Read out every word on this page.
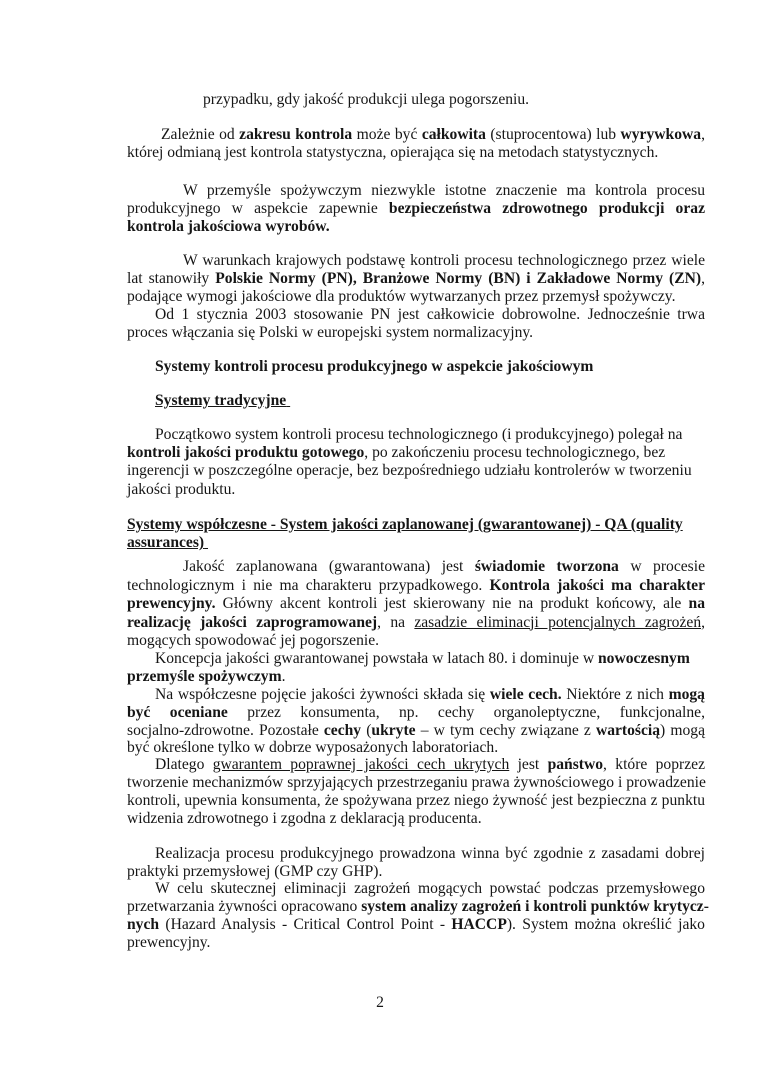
przypadku, gdy jakość produkcji ulega pogorszeniu.
Zależnie od zakresu kontrola może być całkowita (stuprocentowa) lub wyrywkowa,
której odmianą jest kontrola statystyczna, opierająca się na metodach statystycznych.
W przemyśle spożywczym niezwykle istotne znaczenie ma kontrola procesu
produkcyjnego w aspekcie zapewnie bezpieczeństwa zdrowotnego produkcji oraz
kontrola jakościowa wyrobów.
W warunkach krajowych podstawę kontroli procesu technologicznego przez wiele
lat stanowiły Polskie Normy (PN), Branżowe Normy (BN) i Zakładowe Normy (ZN),
podające wymogi jakościowe dla produktów wytwarzanych przez przemysł spożywczy.
Od 1 stycznia 2003 stosowanie PN jest całkowicie dobrowolne. Jednocześnie trwa
proces włączania się Polski w europejski system normalizacyjny.
Systemy kontroli procesu produkcyjnego w aspekcie jakościowym
Systemy tradycyjne
Początkowo system kontroli procesu technologicznego (i produkcyjnego) polegał na
kontroli jakości produktu gotowego, po zakończeniu procesu technologicznego, bez
ingerencji w poszczególne operacje, bez bezpośredniego udziału kontrolerów w tworzeniu
jakości produktu.
Systemy współczesne - System jakości zaplanowanej (gwarantowanej) - QA (quality
assurances)
Jakość zaplanowana (gwarantowana) jest świadomie tworzona w procesie
technologicznym i nie ma charakteru przypadkowego. Kontrola jakości ma charakter
prewencyjny. Główny akcent kontroli jest skierowany nie na produkt końcowy, ale na
realizację jakości zaprogramowanej, na zasadzie eliminacji potencjalnych zagrożeń,
mogących spowodować jej pogorszenie.
Koncepcja jakości gwarantowanej powstała w latach 80. i dominuje w nowoczesnym
przemyśle spożywczym.
Na współczesne pojęcie jakości żywności składa się wiele cech. Niektóre z nich mogą
być oceniane przez konsumenta, np. cechy organoleptyczne, funkcjonalne,
socjalno-zdrowotne. Pozostałe cechy (ukryte – w tym cechy związane z wartością) mogą
być określone tylko w dobrze wyposażonych laboratoriach.
Dlatego gwarantem poprawnej jakości cech ukrytych jest państwo, które poprzez
tworzenie mechanizmów sprzyjających przestrzeganiu prawa żywnościowego i prowadzenie
kontroli, upewnia konsumenta, że spożywana przez niego żywność jest bezpieczna z punktu
widzenia zdrowotnego i zgodna z deklaracją producenta.
Realizacja procesu produkcyjnego prowadzona winna być zgodnie z zasadami dobrej
praktyki przemysłowej (GMP czy GHP).
W celu skutecznej eliminacji zagrożeń mogących powstać podczas przemysłowego
przetwarzania żywności opracowano system analizy zagrożeń i kontroli punktów krytycz-
nych (Hazard Analysis - Critical Control Point - HACCP). System można określić jako
prewencyjny.
2
